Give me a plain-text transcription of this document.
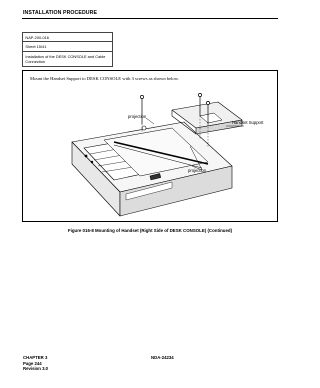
INSTALLATION PROCEDURE
NAP-200-016
Sheet 15/41
Installation of the DESK CONSOLE and Cable Connection
Mount the Handset Support to DESK CONSOLE with 3 screws as shown below.
projection
Handset Support
projection
Figure 016-8 Mounting of Handset (Right Side of DESK CONSOLE) (Continued)
CHAPTER 3
Page 244
Revision 3.0
NDA-24234
